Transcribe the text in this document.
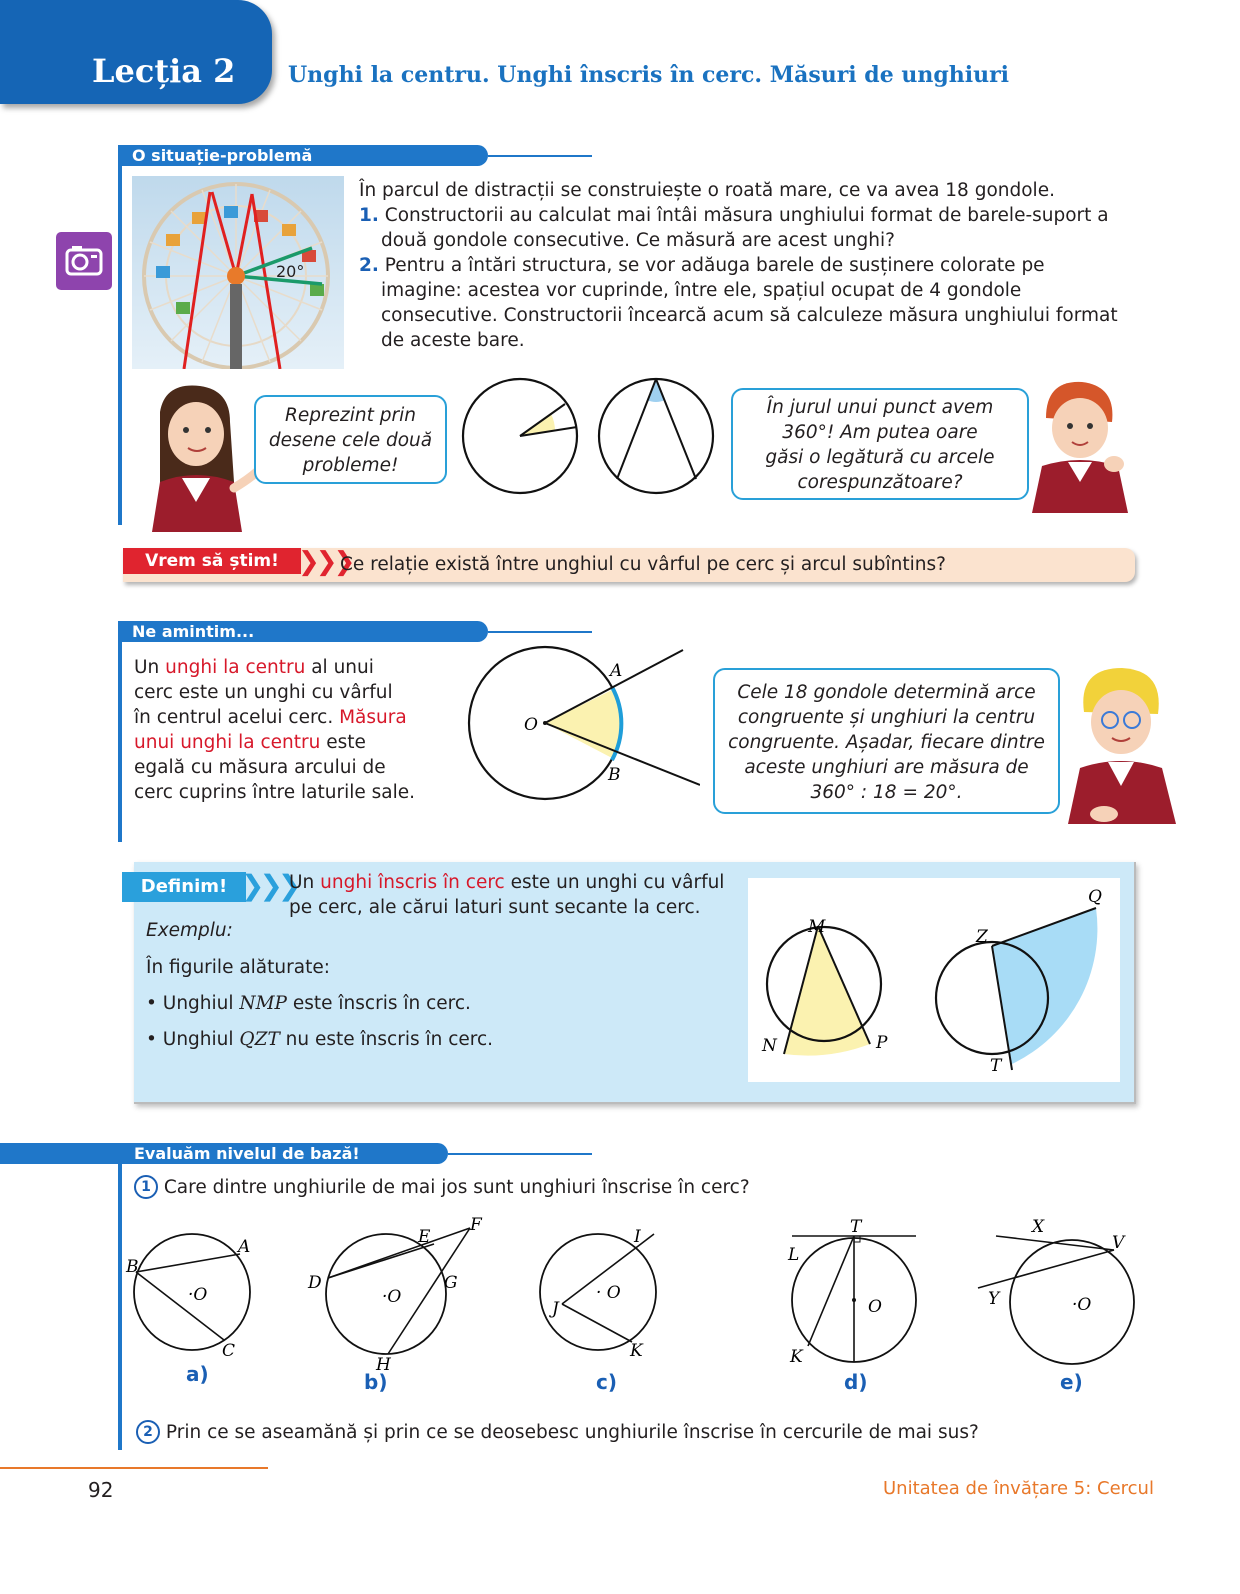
Lecția 2 Unghi la centru. Unghi înscris în cerc. Măsuri de unghiuri
O situație-problemă
20°
În parcul de distracții se construiește o roată mare, ce va avea 18 gondole.
1. Constructorii au calculat mai întâi măsura unghiului format de barele-suport a
două gondole consecutive. Ce măsură are acest unghi?
2. Pentru a întări structura, se vor adăuga barele de susținere colorate pe
imagine: acestea vor cuprinde, între ele, spațiul ocupat de 4 gondole
consecutive. Constructorii încearcă acum să calculeze măsura unghiului format
de aceste bare.
Reprezint prin
desene cele două
probleme!
În jurul unui punct avem
360°! Am putea oare
găsi o legătură cu arcele
corespunzătoare?
Vrem să știm! ❯❯❯
Ce relație există între unghiul cu vârful pe cerc și arcul subîntins?
Ne amintim...
Un unghi la centru al unui
cerc este un unghi cu vârful
în centrul acelui cerc. Măsura
unui unghi la centru este
egală cu măsura arcului de
cerc cuprins între laturile sale.
O
A
B
Cele 18 gondole determină arce
congruente și unghiuri la centru
congruente. Așadar, fiecare dintre
aceste unghiuri are măsura de
360° : 18 = 20°.
Definim! ❯❯❯
Un unghi înscris în cerc este un unghi cu vârful
pe cerc, ale cărui laturi sunt secante la cerc.
Exemplu:
În figurile alăturate:
• Unghiul NMP este înscris în cerc.
• Unghiul QZT nu este înscris în cerc.
M
N	P
Z
Q
T
Evaluăm nivelul de bază!
1 Care dintre unghiurile de mai jos sunt unghiuri înscrise în cerc?
A
B
C
·O
E
F
D	G
H
·O
I
J
K
· O
T
L
K
O
X
V
Y	·O
a)	b)	c)	d)	e)
2 Prin ce se aseamănă și prin ce se deosebesc unghiurile înscrise în cercurile de mai sus?
92	Unitatea de învățare 5: Cercul
